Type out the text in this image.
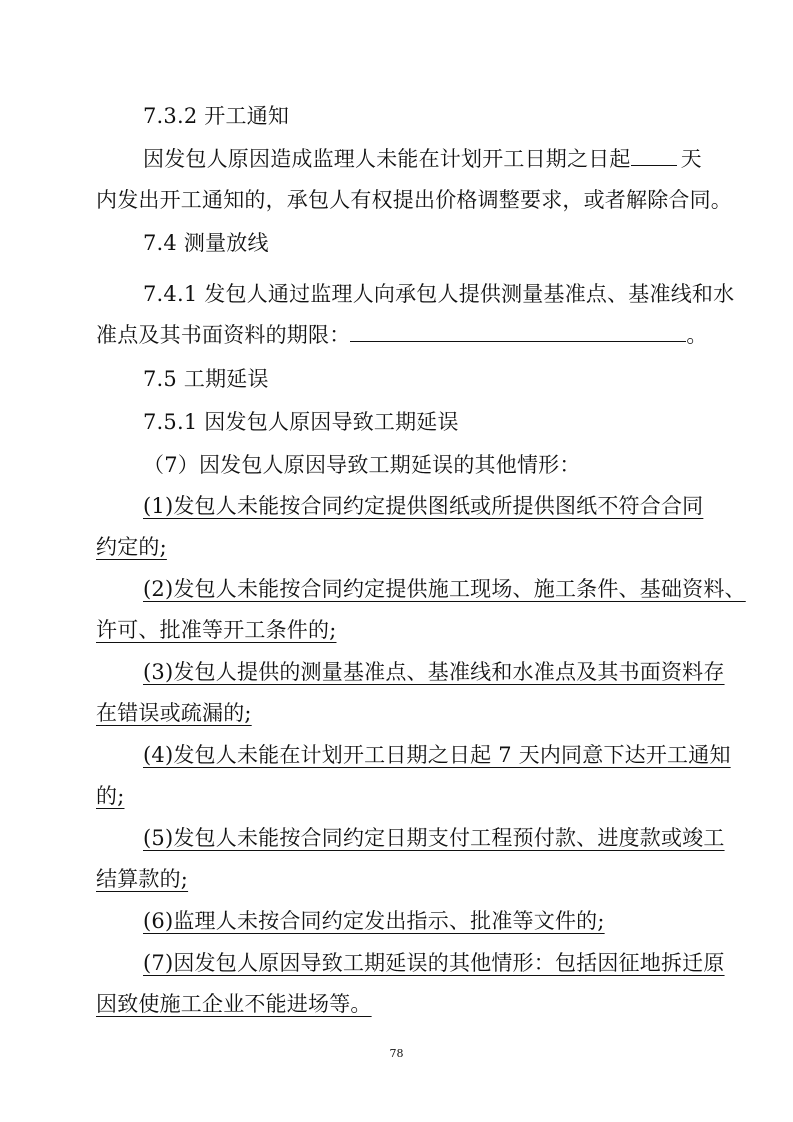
7.3.2 开工通知

因发包人原因造成监理人未能在计划开工日期之日起 天

内发出开工通知的，承包人有权提出价格调整要求，或者解除合同。

7.4 测量放线

7.4.1 发包人通过监理人向承包人提供测量基准点、基准线和水

准点及其书面资料的期限：	。

7.5 工期延误

7.5.1 因发包人原因导致工期延误

（7）因发包人原因导致工期延误的其他情形：

(1)发包人未能按合同约定提供图纸或所提供图纸不符合合同

约定的;

(2)发包人未能按合同约定提供施工现场、施工条件、基础资料、

许可、批准等开工条件的;

(3)发包人提供的测量基准点、基准线和水准点及其书面资料存

在错误或疏漏的;

(4)发包人未能在计划开工日期之日起 7 天内同意下达开工通知

的;

(5)发包人未能按合同约定日期支付工程预付款、进度款或竣工

结算款的;

(6)监理人未按合同约定发出指示、批准等文件的;

(7)因发包人原因导致工期延误的其他情形：包括因征地拆迁原

因致使施工企业不能进场等。

78
